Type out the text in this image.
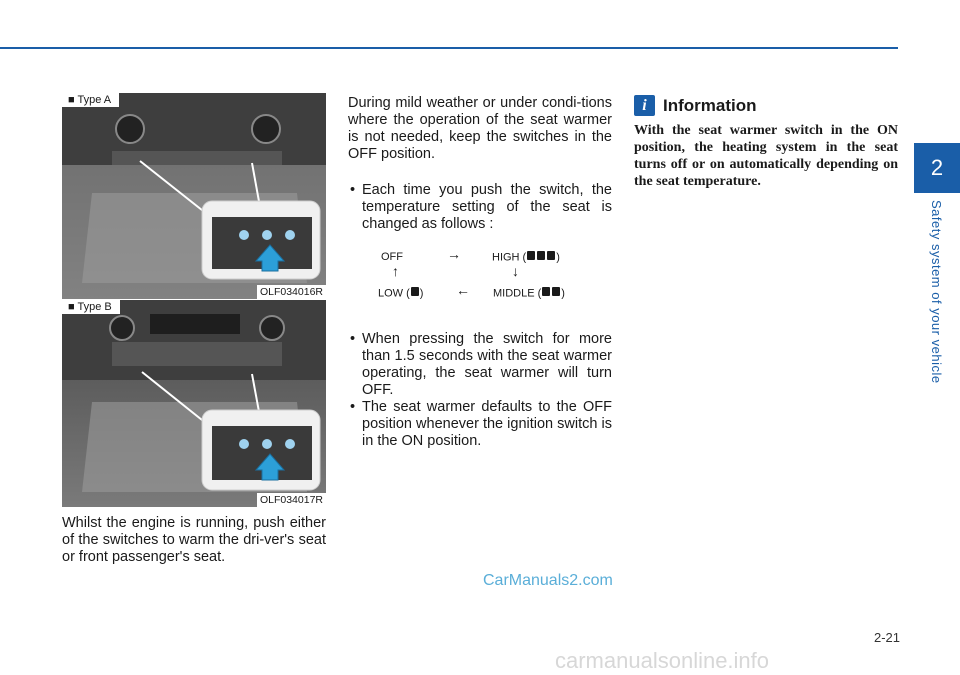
2
Safety system of your vehicle
■ Type A
OLF034016R
■ Type B
OLF034017R
Whilst the engine is running, push either of the switches to warm the dri-ver's seat or front passenger's seat.

During mild weather or under condi-tions where the operation of the seat warmer is not needed, keep the switches in the OFF position.

• Each time you push the switch, the temperature setting of the seat is changed as follows :
OFF	→	HIGH (	)
↑	↓
LOW ( ) ← MIDDLE ( )
• When pressing the switch for more than 1.5 seconds with the seat warmer operating, the seat warmer will turn OFF.
• The seat warmer defaults to the OFF position whenever the ignition switch is in the ON position.
i Information
With the seat warmer switch in the ON position, the heating system in the seat turns off or on automatically depending on the seat temperature.
CarManuals2.com
carmanualsonline.info
2-21
